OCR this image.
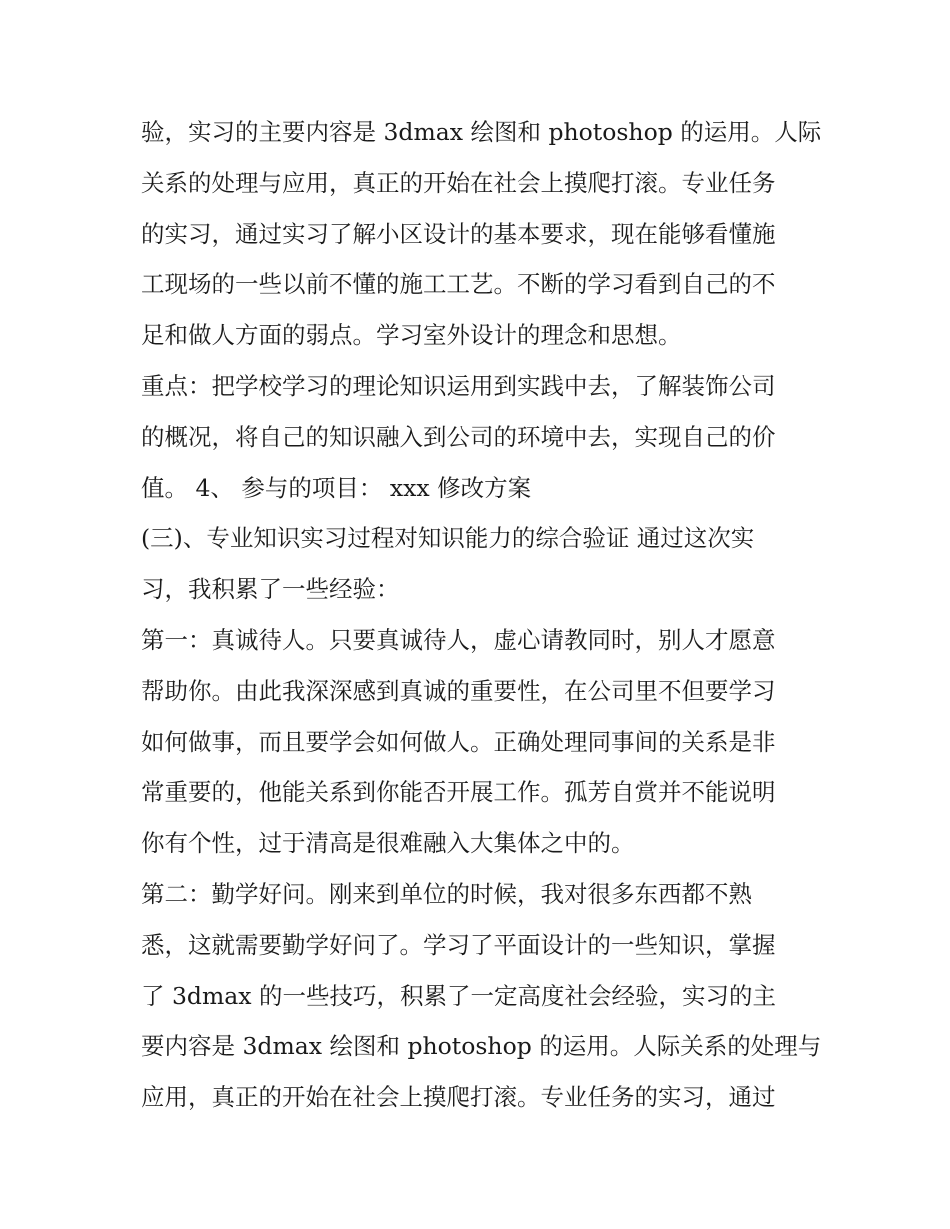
验，实习的主要内容是 3dmax 绘图和 photoshop 的运用。人际
关系的处理与应用，真正的开始在社会上摸爬打滚。专业任务
的实习，通过实习了解小区设计的基本要求，现在能够看懂施
工现场的一些以前不懂的施工工艺。不断的学习看到自己的不
足和做人方面的弱点。学习室外设计的理念和思想。
重点：把学校学习的理论知识运用到实践中去，了解装饰公司
的概况，将自己的知识融入到公司的环境中去，实现自己的价
值。 4、 参与的项目： xxx 修改方案
(三)、专业知识实习过程对知识能力的综合验证 通过这次实
习，我积累了一些经验：
第一：真诚待人。只要真诚待人，虚心请教同时，别人才愿意
帮助你。由此我深深感到真诚的重要性，在公司里不但要学习
如何做事，而且要学会如何做人。正确处理同事间的关系是非
常重要的，他能关系到你能否开展工作。孤芳自赏并不能说明
你有个性，过于清高是很难融入大集体之中的。
第二：勤学好问。刚来到单位的时候，我对很多东西都不熟
悉，这就需要勤学好问了。学习了平面设计的一些知识，掌握
了 3dmax 的一些技巧，积累了一定高度社会经验，实习的主
要内容是 3dmax 绘图和 photoshop 的运用。人际关系的处理与
应用，真正的开始在社会上摸爬打滚。专业任务的实习，通过
